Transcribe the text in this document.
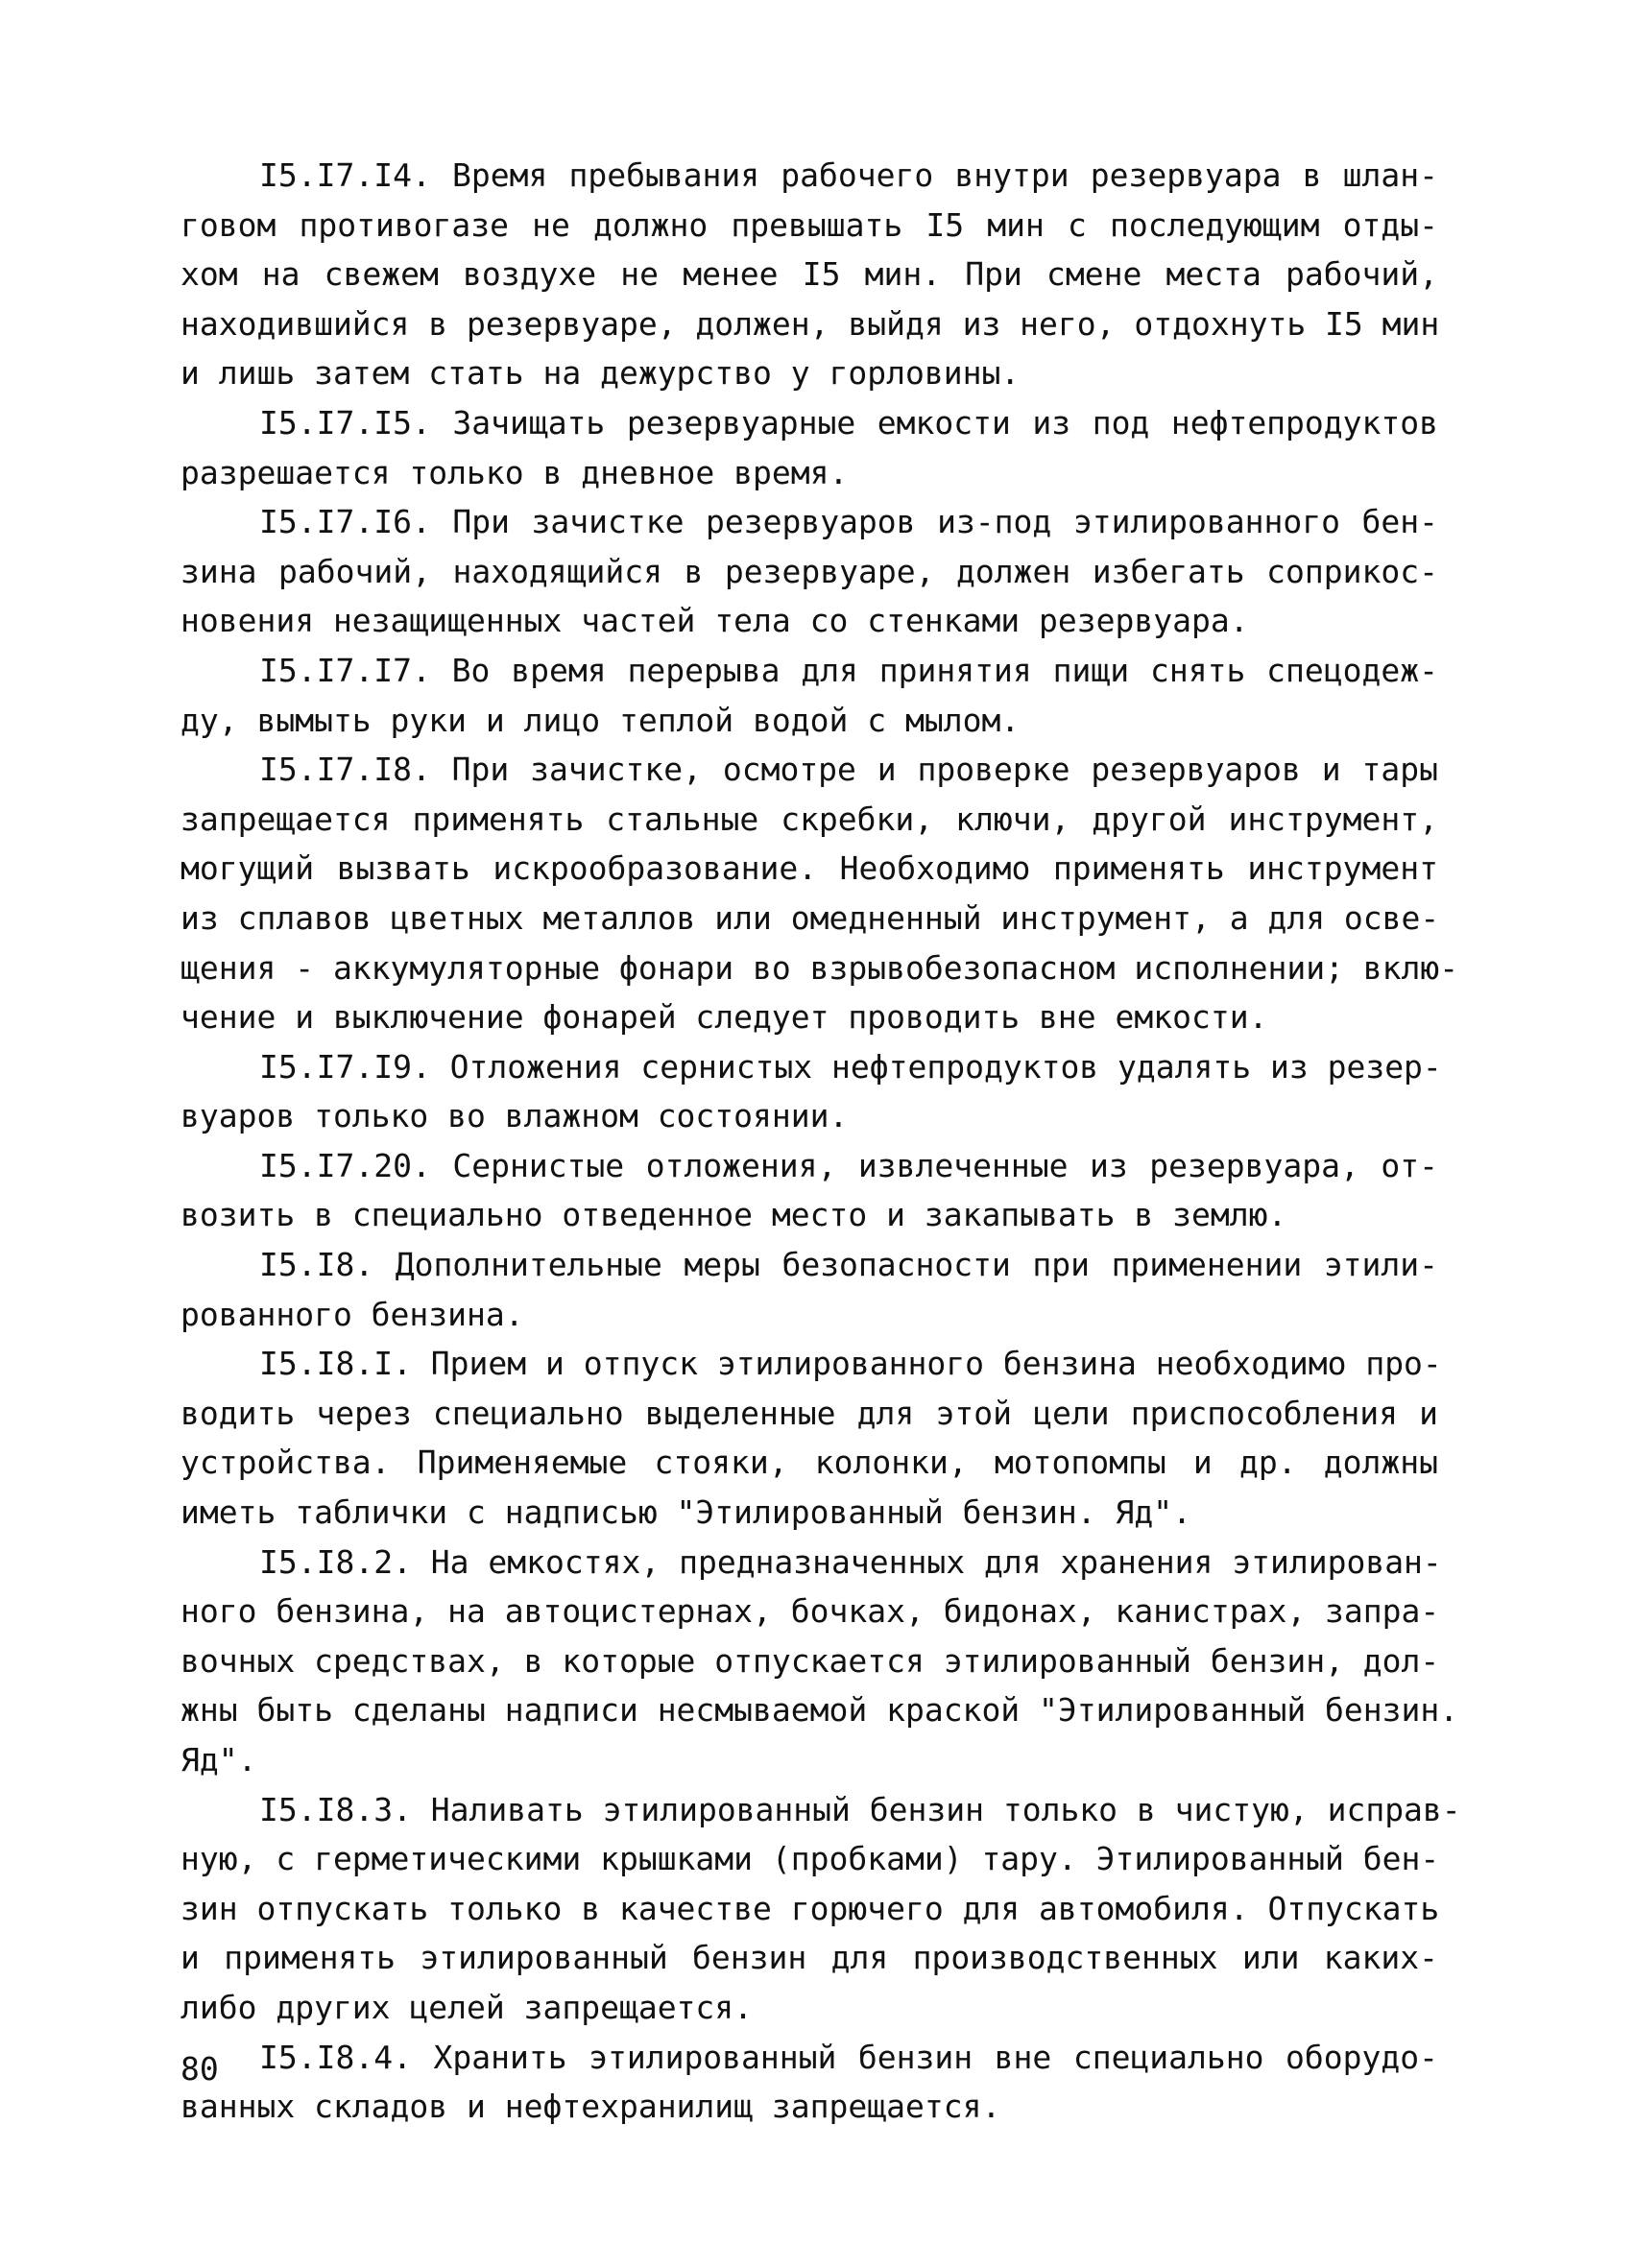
I5.I7.I4. Время пребывания рабочего внутри резервуара в шлан-
говом противогазе не должно превышать I5 мин с последующим отды-
хом на свежем воздухе не менее I5 мин. При смене места рабочий,
находившийся в резервуаре, должен, выйдя из него, отдохнуть I5 мин
и лишь затем стать на дежурство у горловины.
I5.I7.I5. Зачищать резервуарные емкости из под нефтепродуктов
разрешается только в дневное время.
I5.I7.I6. При зачистке резервуаров из-под этилированного бен-
зина рабочий, находящийся в резервуаре, должен избегать соприкос-
новения незащищенных частей тела со стенками резервуара.
I5.I7.I7. Во время перерыва для принятия пищи снять спецодеж-
ду, вымыть руки и лицо теплой водой с мылом.
I5.I7.I8. При зачистке, осмотре и проверке резервуаров и тары
запрещается применять стальные скребки, ключи, другой инструмент,
могущий вызвать искрообразование. Необходимо применять инструмент
из сплавов цветных металлов или омедненный инструмент, а для осве-
щения - аккумуляторные фонари во взрывобезопасном исполнении; вклю-
чение и выключение фонарей следует проводить вне емкости.
I5.I7.I9. Отложения сернистых нефтепродуктов удалять из резер-
вуаров только во влажном состоянии.
I5.I7.20. Сернистые отложения, извлеченные из резервуара, от-
возить в специально отведенное место и закапывать в землю.
I5.I8. Дополнительные меры безопасности при применении этили-
рованного бензина.
I5.I8.I. Прием и отпуск этилированного бензина необходимо про-
водить через специально выделенные для этой цели приспособления и
устройства. Применяемые стояки, колонки, мотопомпы и др. должны
иметь таблички с надписью "Этилированный бензин. Яд".
I5.I8.2. На емкостях, предназначенных для хранения этилирован-
ного бензина, на автоцистернах, бочках, бидонах, канистрах, запра-
вочных средствах, в которые отпускается этилированный бензин, дол-
жны быть сделаны надписи несмываемой краской "Этилированный бензин.
Яд".
I5.I8.3. Наливать этилированный бензин только в чистую, исправ-
ную, с герметическими крышками (пробками) тару. Этилированный бен-
зин отпускать только в качестве горючего для автомобиля. Отпускать
и применять этилированный бензин для производственных или каких-
либо других целей запрещается.
I5.I8.4. Хранить этилированный бензин вне специально оборудо-
ванных складов и нефтехранилищ запрещается.
80
